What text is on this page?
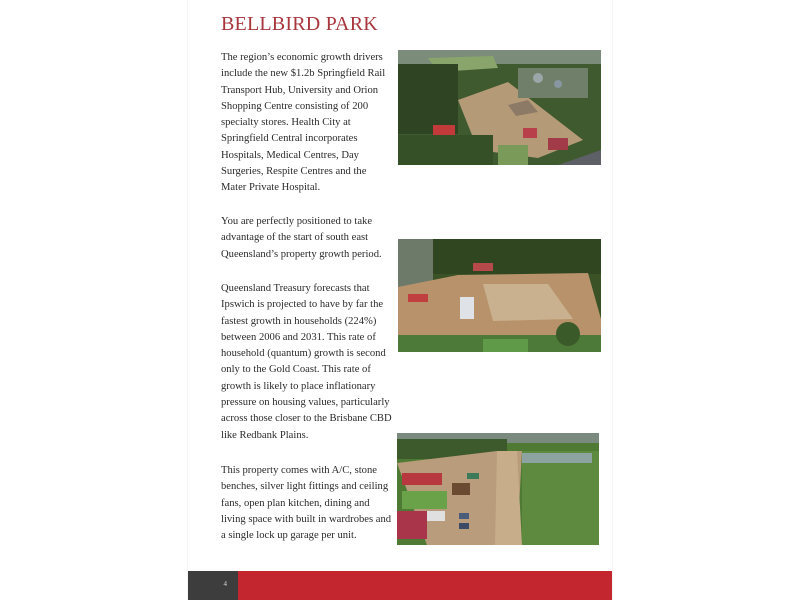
BELLBIRD PARK

The region’s economic growth drivers include the new $1.2b Springfield Rail Transport Hub, University and Orion Shopping Centre consisting of 200 specialty stores. Health City at Springfield Central incorporates Hospitals, Medical Centres, Day Surgeries, Respite Centres and the Mater Private Hospital.

You are perfectly positioned to take advantage of the start of south east Queensland’s property growth period.

Queensland Treasury forecasts that Ipswich is projected to have by far the fastest growth in households (224%) between 2006 and 2031. This rate of household (quantum) growth is second only to the Gold Coast. This rate of growth is likely to place inflationary pressure on housing values, particularly across those closer to the Brisbane CBD like Redbank Plains.

This property comes with A/C, stone benches, silver light fittings and ceiling fans, open plan kitchen, dining and living space with built in wardrobes and a single lock up garage per unit.

4
